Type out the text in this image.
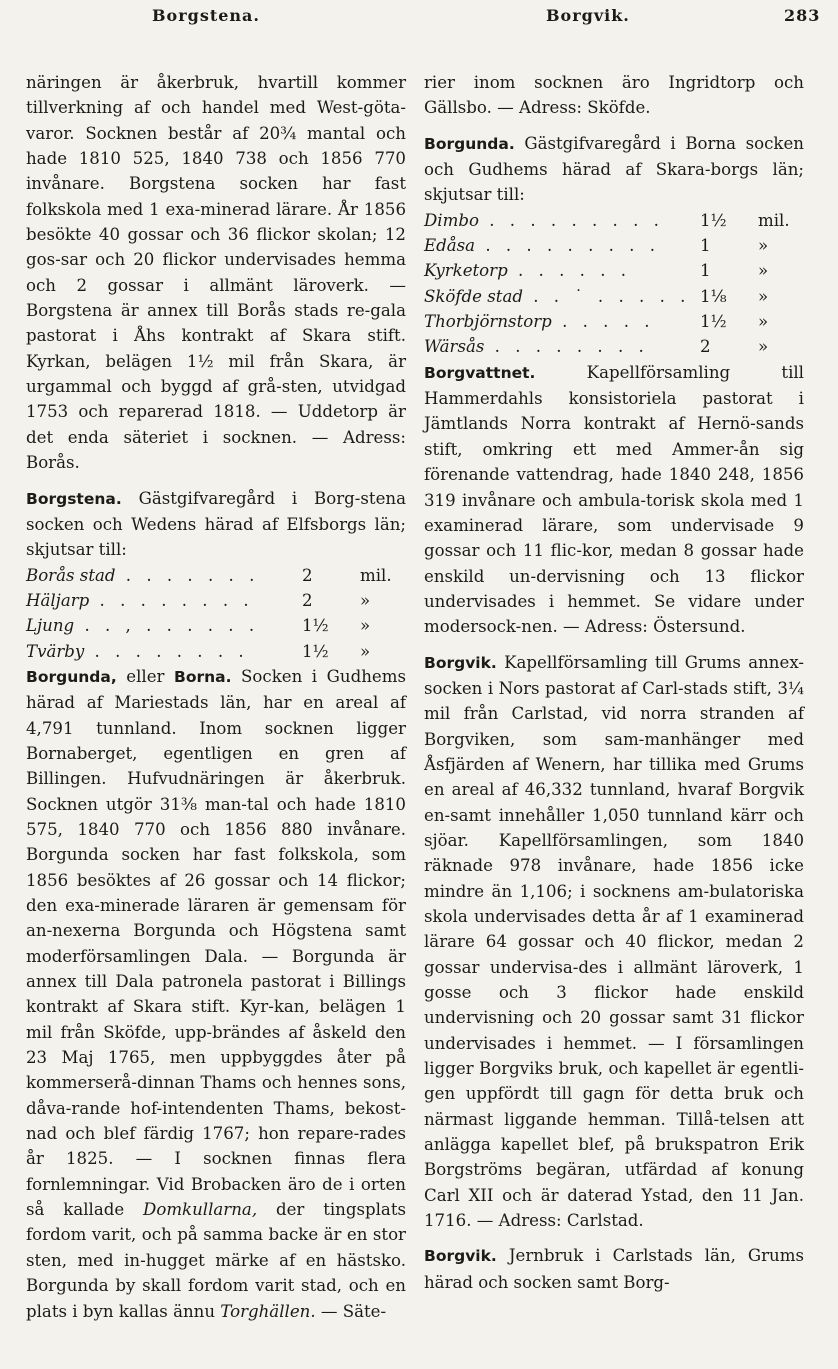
Borgstena.	Borgvik.	283

näringen är åkerbruk, hvartill kommer tillverkning af och handel med West-göta-varor. Socknen består af 20¾ mantal och hade 1810 525, 1840 738 och 1856 770 invånare. Borgstena socken har fast folkskola med 1 exa-minerad lärare. År 1856 besökte 40 gossar och 36 flickor skolan; 12 gos-sar och 20 flickor undervisades hemma och 2 gossar i allmänt läroverk. — Borgstena är annex till Borås stads re-gala pastorat i Åhs kontrakt af Skara stift. Kyrkan, belägen 1½ mil från Skara, är urgammal och byggd af grå-sten, utvidgad 1753 och reparerad 1818. — Uddetorp är det enda säteriet i socknen. — Adress: Borås.

Borgstena. Gästgifvaregård i Borg-stena socken och Wedens härad af Elfsborgs län; skjutsar till:

Borås stad . . . . . . .	2	mil.
Häljarp . . . . . . . .	2	»
Ljung . . , . . . . . .	1½	»
Tvärby . . . . . . . .	1½	»

Borgunda, eller Borna. Socken i Gudhems härad af Mariestads län, har en areal af 4,791 tunnland. Inom socknen ligger Bornaberget, egentligen en gren af Billingen. Hufvudnäringen är åkerbruk. Socknen utgör 31⅜ man-tal och hade 1810 575, 1840 770 och 1856 880 invånare. Borgunda socken har fast folkskola, som 1856 besöktes af 26 gossar och 14 flickor; den exa-minerade läraren är gemensam för an-nexerna Borgunda och Högstena samt moderförsamlingen Dala. — Borgunda är annex till Dala patronela pastorat i Billings kontrakt af Skara stift. Kyr-kan, belägen 1 mil från Sköfde, upp-brändes af åskeld den 23 Maj 1765, men uppbyggdes åter på kommerserå-dinnan Thams och hennes sons, dåva-rande hof-intendenten Thams, bekost-nad och blef färdig 1767; hon repare-rades år 1825. — I socknen finnas flera fornlemningar. Vid Brobacken äro de i orten så kallade Domkullarna, der tingsplats fordom varit, och på samma backe är en stor sten, med in-hugget märke af en hästsko. Borgunda by skall fordom varit stad, och en plats i byn kallas ännu Torghällen. — Säte-

rier inom socknen äro Ingridtorp och Gällsbo. — Adress: Sköfde.

Borgunda. Gästgifvaregård i Borna socken och Gudhems härad af Skara-borgs län; skjutsar till:

Dimbo . . . . . . . . .	1½	mil.
Edåsa . . . . . . . . .	1	»
Kyrketorp . . . . . .	1	»
Sköfde stad . . ˙ . . . . .	1⅛	»
Thorbjörnstorp . . . . .	1½	»
Wärsås . . . . . . . .	2	»

Borgvattnet. Kapellförsamling till Hammerdahls konsistoriela pastorat i Jämtlands Norra kontrakt af Hernö-sands stift, omkring ett med Ammer-ån sig förenande vattendrag, hade 1840 248, 1856 319 invånare och ambula-torisk skola med 1 examinerad lärare, som undervisade 9 gossar och 11 flic-kor, medan 8 gossar hade enskild un-dervisning och 13 flickor undervisades i hemmet. Se vidare under modersock-nen. — Adress: Östersund.

Borgvik. Kapellförsamling till Grums annex-socken i Nors pastorat af Carl-stads stift, 3¼ mil från Carlstad, vid norra stranden af Borgviken, som sam-manhänger med Åsfjärden af Wenern, har tillika med Grums en areal af 46,332 tunnland, hvaraf Borgvik en-samt innehåller 1,050 tunnland kärr och sjöar. Kapellförsamlingen, som 1840 räknade 978 invånare, hade 1856 icke mindre än 1,106; i socknens am-bulatoriska skola undervisades detta år af 1 examinerad lärare 64 gossar och 40 flickor, medan 2 gossar undervisa-des i allmänt läroverk, 1 gosse och 3 flickor hade enskild undervisning och 20 gossar samt 31 flickor undervisades i hemmet. — I församlingen ligger Borgviks bruk, och kapellet är egentli-gen uppfördt till gagn för detta bruk och närmast liggande hemman. Tillå-telsen att anlägga kapellet blef, på brukspatron Erik Borgströms begäran, utfärdad af konung Carl XII och är daterad Ystad, den 11 Jan. 1716. — Adress: Carlstad.

Borgvik. Jernbruk i Carlstads län, Grums härad och socken samt Borg-
